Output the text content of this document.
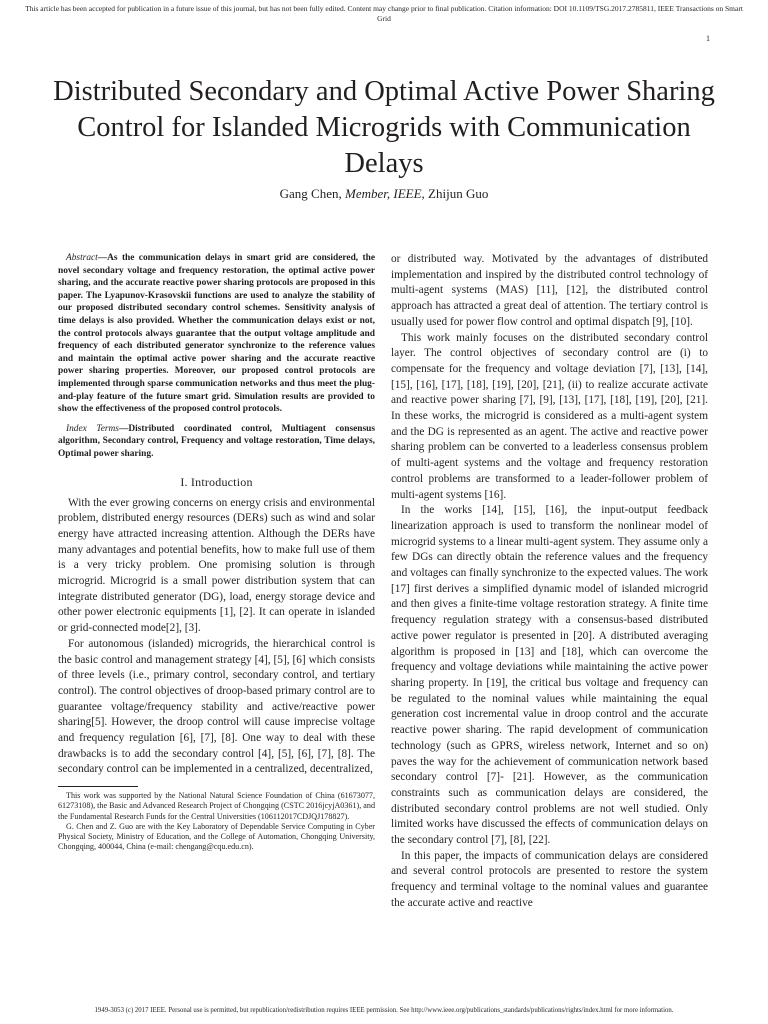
This article has been accepted for publication in a future issue of this journal, but has not been fully edited. Content may change prior to final publication. Citation information: DOI 10.1109/TSG.2017.2785811, IEEE Transactions on Smart Grid
1
Distributed Secondary and Optimal Active Power Sharing Control for Islanded Microgrids with Communication Delays
Gang Chen, Member, IEEE, Zhijun Guo

Abstract—As the communication delays in smart grid are considered, the novel secondary voltage and frequency restoration, the optimal active power sharing, and the accurate reactive power sharing protocols are proposed in this paper. The Lyapunov-Krasovskii functions are used to analyze the stability of our proposed distributed secondary control schemes. Sensitivity analysis of time delays is also provided. Whether the communication delays exist or not, the control protocols always guarantee that the output voltage amplitude and frequency of each distributed generator synchronize to the reference values and maintain the optimal active power sharing and the accurate reactive power sharing properties. Moreover, our proposed control protocols are implemented through sparse communication networks and thus meet the plug-and-play feature of the future smart grid. Simulation results are provided to show the effectiveness of the proposed control protocols.

Index Terms—Distributed coordinated control, Multiagent consensus algorithm, Secondary control, Frequency and voltage restoration, Time delays, Optimal power sharing.

I. Introduction

With the ever growing concerns on energy crisis and environmental problem, distributed energy resources (DERs) such as wind and solar energy have attracted increasing attention. Although the DERs have many advantages and potential benefits, how to make full use of them is a very tricky problem. One promising solution is through microgrid. Microgrid is a small power distribution system that can integrate distributed generator (DG), load, energy storage device and other power electronic equipments [1], [2]. It can operate in islanded or grid-connected mode[2], [3].

For autonomous (islanded) microgrids, the hierarchical control is the basic control and management strategy [4], [5], [6] which consists of three levels (i.e., primary control, secondary control, and tertiary control). The control objectives of droop-based primary control are to guarantee voltage/frequency stability and active/reactive power sharing[5]. However, the droop control will cause imprecise voltage and frequency regulation [6], [7], [8]. One way to deal with these drawbacks is to add the secondary control [4], [5], [6], [7], [8]. The secondary control can be implemented in a centralized, decentralized,

This work was supported by the National Natural Science Foundation of China (61673077, 61273108), the Basic and Advanced Research Project of Chongqing (CSTC 2016jcyjA0361), and the Fundamental Research Funds for the Central Universities (106112017CDJQJ178827).

G. Chen and Z. Guo are with the Key Laboratory of Dependable Service Computing in Cyber Physical Society, Ministry of Education, and the College of Automation, Chongqing University, Chongqing, 400044, China (e-mail: chengang@cqu.edu.cn).

or distributed way. Motivated by the advantages of distributed implementation and inspired by the distributed control technology of multi-agent systems (MAS) [11], [12], the distributed control approach has attracted a great deal of attention. The tertiary control is usually used for power flow control and optimal dispatch [9], [10].

This work mainly focuses on the distributed secondary control layer. The control objectives of secondary control are (i) to compensate for the frequency and voltage deviation [7], [13], [14], [15], [16], [17], [18], [19], [20], [21], (ii) to realize accurate activate and reactive power sharing [7], [9], [13], [17], [18], [19], [20], [21]. In these works, the microgrid is considered as a multi-agent system and the DG is represented as an agent. The active and reactive power sharing problem can be converted to a leaderless consensus problem of multi-agent systems and the voltage and frequency restoration control problems are transformed to a leader-follower problem of multi-agent systems [16].

In the works [14], [15], [16], the input-output feedback linearization approach is used to transform the nonlinear model of microgrid systems to a linear multi-agent system. They assume only a few DGs can directly obtain the reference values and the frequency and voltages can finally synchronize to the expected values. The work [17] first derives a simplified dynamic model of islanded microgrid and then gives a finite-time voltage restoration strategy. A finite time frequency regulation strategy with a consensus-based distributed active power regulator is presented in [20]. A distributed averaging algorithm is proposed in [13] and [18], which can overcome the frequency and voltage deviations while maintaining the active power sharing property. In [19], the critical bus voltage and frequency can be regulated to the nominal values while maintaining the equal generation cost incremental value in droop control and the accurate reactive power sharing. The rapid development of communication technology (such as GPRS, wireless network, Internet and so on) paves the way for the achievement of communication network based secondary control [7]- [21]. However, as the communication constraints such as communication delays are considered, the distributed secondary control problems are not well studied. Only limited works have discussed the effects of communication delays on the secondary control [7], [8], [22].

In this paper, the impacts of communication delays are considered and several control protocols are presented to restore the system frequency and terminal voltage to the nominal values and guarantee the accurate active and reactive

1949-3053 (c) 2017 IEEE. Personal use is permitted, but republication/redistribution requires IEEE permission. See http://www.ieee.org/publications_standards/publications/rights/index.html for more information.
